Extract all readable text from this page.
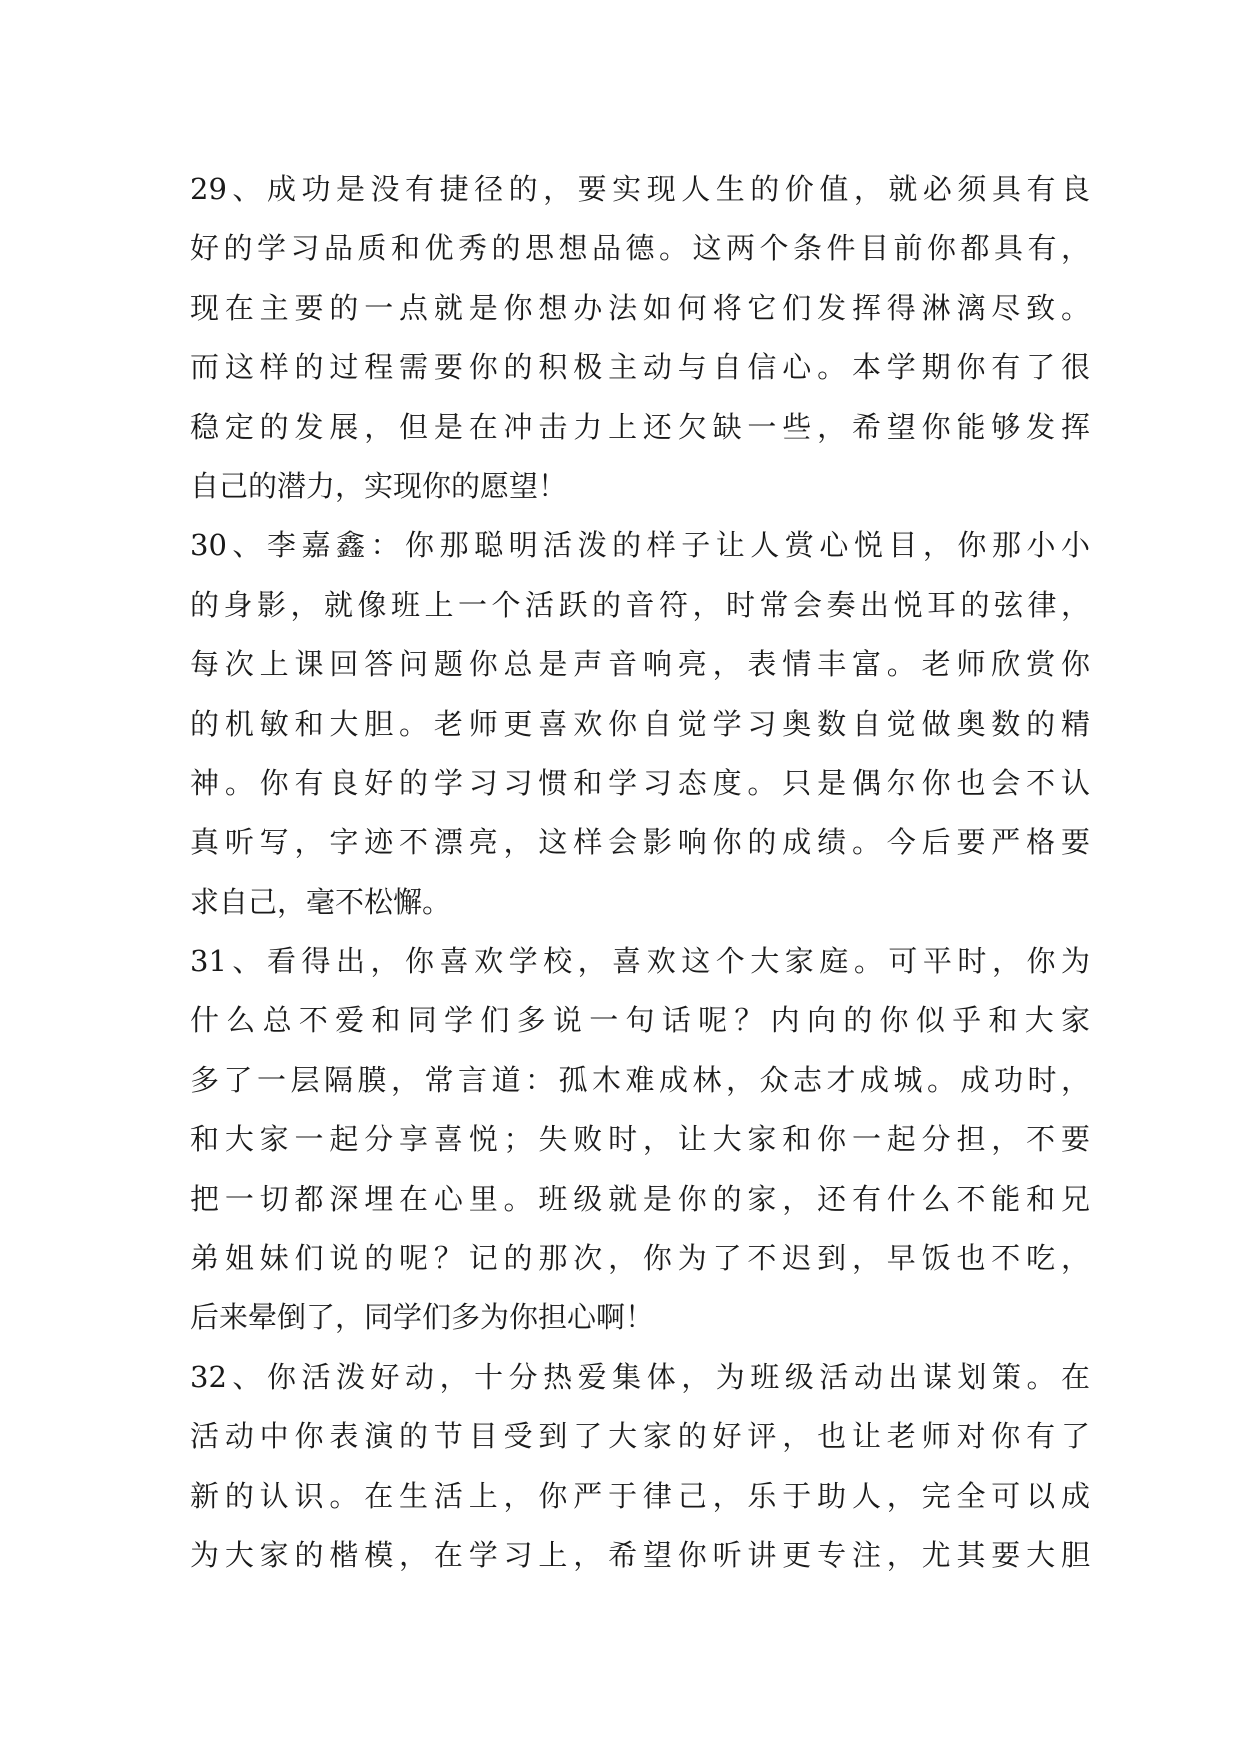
29、成功是没有捷径的，要实现人生的价值，就必须具有良
好的学习品质和优秀的思想品德。这两个条件目前你都具有，
现在主要的一点就是你想办法如何将它们发挥得淋漓尽致。
而这样的过程需要你的积极主动与自信心。本学期你有了很
稳定的发展，但是在冲击力上还欠缺一些，希望你能够发挥
自己的潜力，实现你的愿望！
30、李嘉鑫：你那聪明活泼的样子让人赏心悦目，你那小小
的身影，就像班上一个活跃的音符，时常会奏出悦耳的弦律，
每次上课回答问题你总是声音响亮，表情丰富。老师欣赏你
的机敏和大胆。老师更喜欢你自觉学习奥数自觉做奥数的精
神。你有良好的学习习惯和学习态度。只是偶尔你也会不认
真听写，字迹不漂亮，这样会影响你的成绩。今后要严格要
求自己，毫不松懈。
31、看得出，你喜欢学校，喜欢这个大家庭。可平时，你为
什么总不爱和同学们多说一句话呢？内向的你似乎和大家
多了一层隔膜，常言道：孤木难成林，众志才成城。成功时，
和大家一起分享喜悦；失败时，让大家和你一起分担，不要
把一切都深埋在心里。班级就是你的家，还有什么不能和兄
弟姐妹们说的呢？记的那次，你为了不迟到，早饭也不吃，
后来晕倒了，同学们多为你担心啊！
32、你活泼好动，十分热爱集体，为班级活动出谋划策。在
活动中你表演的节目受到了大家的好评，也让老师对你有了
新的认识。在生活上，你严于律己，乐于助人，完全可以成
为大家的楷模，在学习上，希望你听讲更专注，尤其要大胆
